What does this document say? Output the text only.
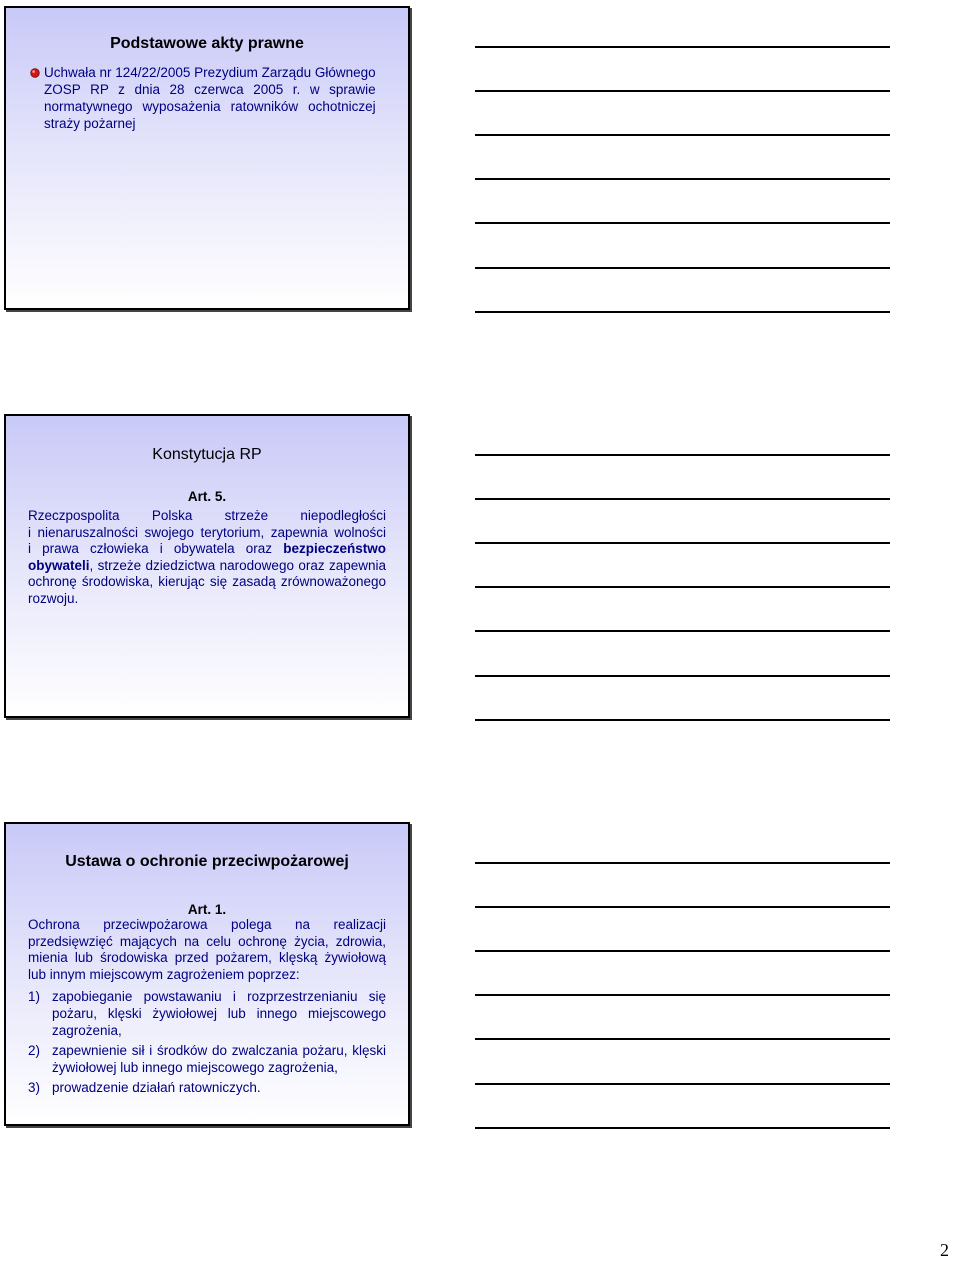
Podstawowe akty prawne
Uchwała nr 124/22/2005 Prezydium Zarządu Głównego
ZOSP RP z dnia 28 czerwca 2005 r. w sprawie
normatywnego wyposażenia ratowników ochotniczej
straży pożarnej
Konstytucja RP
Art. 5.
Rzeczpospolita Polska strzeże niepodległości
i nienaruszalności swojego terytorium, zapewnia wolności
i prawa człowieka i obywatela oraz bezpieczeństwo
obywateli, strzeże dziedzictwa narodowego oraz zapewnia
ochronę środowiska, kierując się zasadą zrównoważonego
rozwoju.
Ustawa o ochronie przeciwpożarowej
Art. 1.
Ochrona przeciwpożarowa polega na realizacji
przedsięwzięć mających na celu ochronę życia, zdrowia,
mienia lub środowiska przed pożarem, klęską żywiołową
lub innym miejscowym zagrożeniem poprzez:
1) zapobieganie powstawaniu i rozprzestrzenianiu się
pożaru, klęski żywiołowej lub innego miejscowego
zagrożenia,
2) zapewnienie sił i środków do zwalczania pożaru, klęski
żywiołowej lub innego miejscowego zagrożenia,
3) prowadzenie działań ratowniczych.
2
